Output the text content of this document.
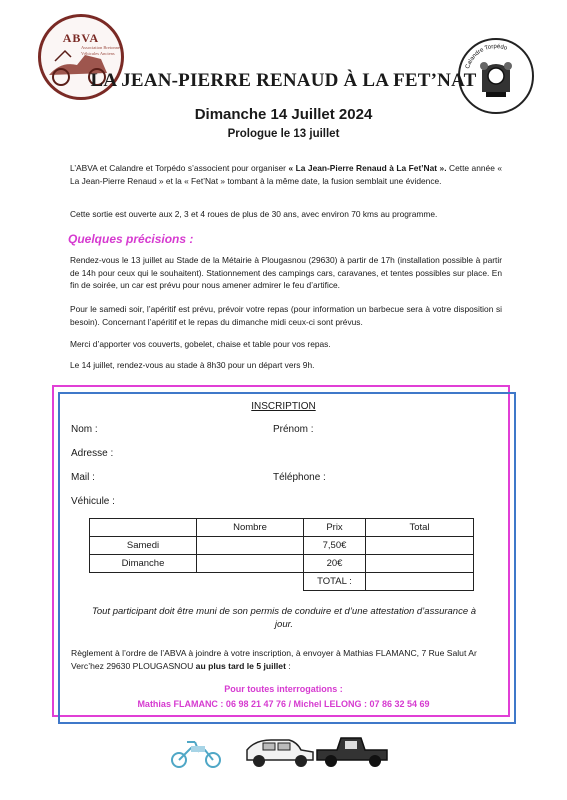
ABVA
Association Bretonne Véhicules Anciens
Calandre Torpédo
LA JEAN-PIERRE RENAUD À LA FET’NAT
Dimanche 14 Juillet 2024
Prologue le 13 juillet
L’ABVA et Calandre et Torpédo s’associent pour organiser « La Jean-Pierre Renaud à La Fet’Nat ». Cette année « La Jean-Pierre Renaud » et la « Fet’Nat » tombant à la même date, la fusion semblait une évidence.
Cette sortie est ouverte aux 2, 3 et 4 roues de plus de 30 ans, avec environ 70 kms au programme.
Quelques précisions :
Rendez-vous le 13 juillet au Stade de la Métairie à Plougasnou (29630) à partir de 17h (installation possible à partir de 14h pour ceux qui le souhaitent). Stationnement des campings cars, caravanes, et tentes possibles sur place. En fin de soirée, un car est prévu pour nous amener admirer le feu d’artifice.
Pour le samedi soir, l’apéritif est prévu, prévoir votre repas (pour information un barbecue sera à votre disposition si besoin). Concernant l’apéritif et le repas du dimanche midi ceux-ci sont prévus.
Merci d’apporter vos couverts, gobelet, chaise et table pour vos repas.
Le 14 juillet, rendez-vous au stade à 8h30 pour un départ vers 9h.
INSCRIPTION
Nom :	Prénom :
Adresse :
Mail :	Téléphone :
Véhicule :
	Nombre	Prix	Total
Samedi		7,50€	
Dimanche		20€	
		TOTAL :	
Tout participant doit être muni de son permis de conduire et d’une attestation d’assurance à jour.
Règlement à l’ordre de l’ABVA à joindre à votre inscription, à envoyer à Mathias FLAMANC, 7 Rue Salut Ar Verc’hez 29630 PLOUGASNOU au plus tard le 5 juillet :
Pour toutes interrogations :
Mathias FLAMANC : 06 98 21 47 76 / Michel LELONG : 07 86 32 54 69
